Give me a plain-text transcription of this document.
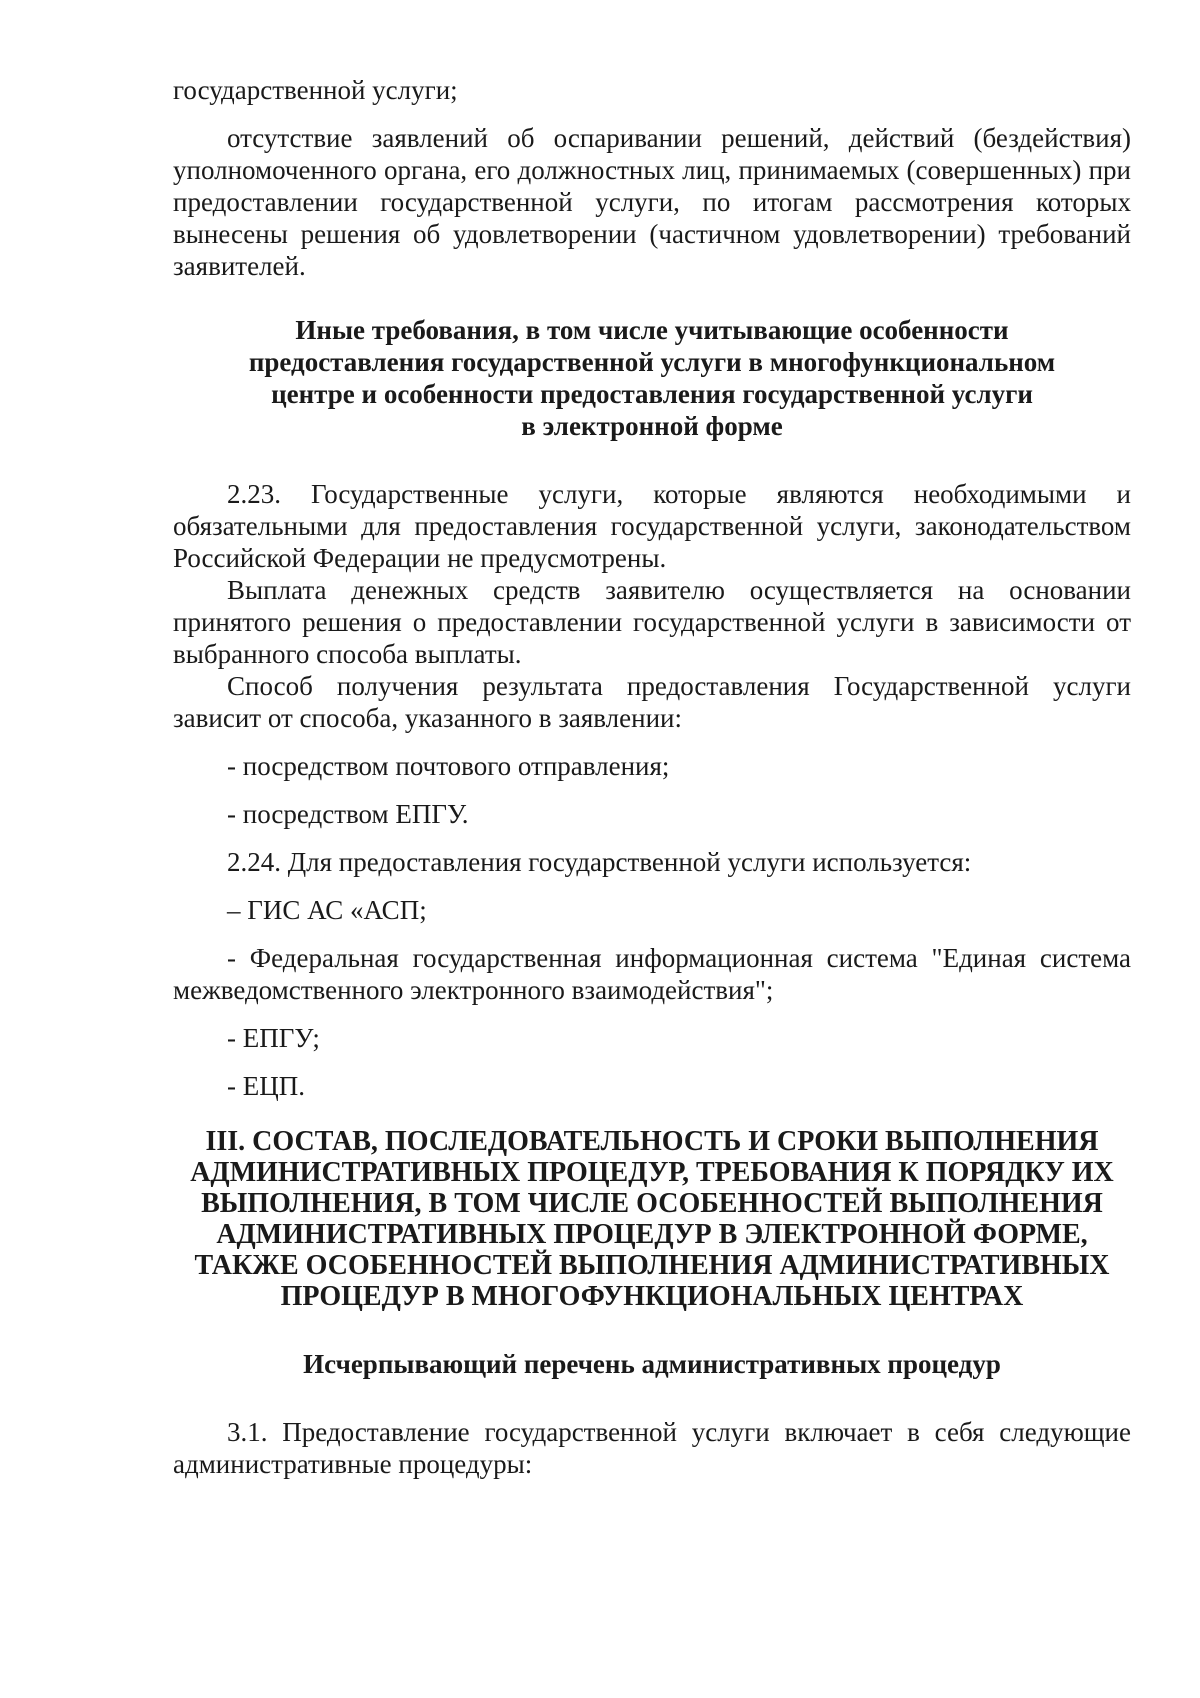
государственной услуги;

отсутствие заявлений об оспаривании решений, действий (бездействия) уполномоченного органа, его должностных лиц, принимаемых (совершенных) при предоставлении государственной услуги, по итогам рассмотрения которых вынесены решения об удовлетворении (частичном удовлетворении) требований заявителей.

Иные требования, в том числе учитывающие особенности
предоставления государственной услуги в многофункциональном
центре и особенности предоставления государственной услуги
в электронной форме

2.23. Государственные услуги, которые являются необходимыми и обязательными для предоставления государственной услуги, законодательством Российской Федерации не предусмотрены.

Выплата денежных средств заявителю осуществляется на основании принятого решения о предоставлении государственной услуги в зависимости от выбранного способа выплаты.

Способ получения результата предоставления Государственной услуги зависит от способа, указанного в заявлении:

- посредством почтового отправления;

- посредством ЕПГУ.

2.24. Для предоставления государственной услуги используется:

– ГИС АС «АСП;

- Федеральная государственная информационная система "Единая система межведомственного электронного взаимодействия";

- ЕПГУ;

- ЕЦП.

III. СОСТАВ, ПОСЛЕДОВАТЕЛЬНОСТЬ И СРОКИ ВЫПОЛНЕНИЯ
АДМИНИСТРАТИВНЫХ ПРОЦЕДУР, ТРЕБОВАНИЯ К ПОРЯДКУ ИХ
ВЫПОЛНЕНИЯ, В ТОМ ЧИСЛЕ ОСОБЕННОСТЕЙ ВЫПОЛНЕНИЯ
АДМИНИСТРАТИВНЫХ ПРОЦЕДУР В ЭЛЕКТРОННОЙ ФОРМЕ,
ТАКЖЕ ОСОБЕННОСТЕЙ ВЫПОЛНЕНИЯ АДМИНИСТРАТИВНЫХ
ПРОЦЕДУР В МНОГОФУНКЦИОНАЛЬНЫХ ЦЕНТРАХ
Исчерпывающий перечень административных процедур

3.1. Предоставление государственной услуги включает в себя следующие административные процедуры:
